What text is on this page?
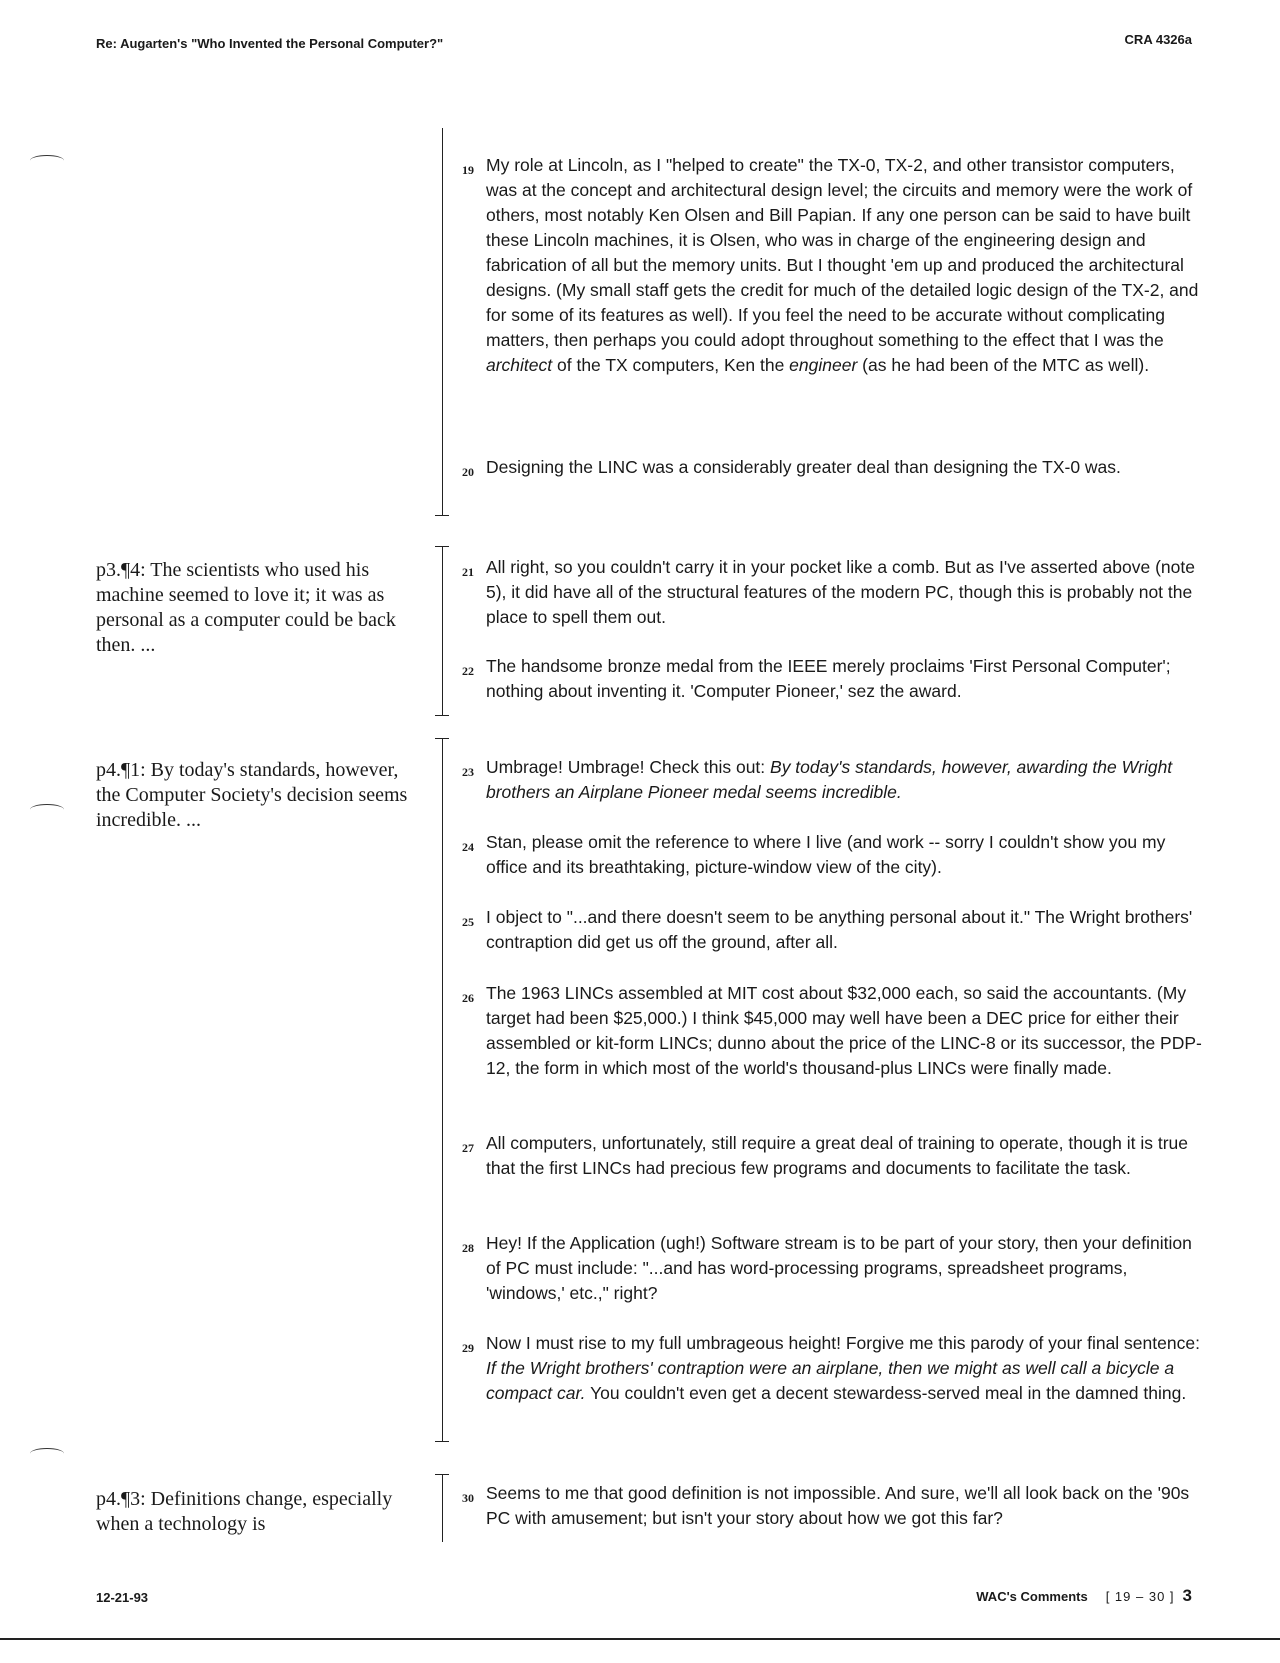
Re: Augarten's "Who Invented the Personal Computer?"	CRA 4326a
p3.¶4: The scientists who used his machine seemed to love it; it was as personal as a computer could be back then. ...
p4.¶1: By today's standards, however, the Computer Society's decision seems incredible. ...
p4.¶3: Definitions change, especially when a technology is
19 My role at Lincoln, as I "helped to create" the TX-0, TX-2, and other transistor computers, was at the concept and architectural design level; the circuits and memory were the work of others, most notably Ken Olsen and Bill Papian. If any one person can be said to have built these Lincoln machines, it is Olsen, who was in charge of the engineering design and fabrication of all but the memory units. But I thought 'em up and produced the architectural designs. (My small staff gets the credit for much of the detailed logic design of the TX-2, and for some of its features as well). If you feel the need to be accurate without complicating matters, then perhaps you could adopt throughout something to the effect that I was the architect of the TX computers, Ken the engineer (as he had been of the MTC as well).
20 Designing the LINC was a considerably greater deal than designing the TX-0 was.
21 All right, so you couldn't carry it in your pocket like a comb. But as I've asserted above (note 5), it did have all of the structural features of the modern PC, though this is probably not the place to spell them out.
22 The handsome bronze medal from the IEEE merely proclaims 'First Personal Computer'; nothing about inventing it. 'Computer Pioneer,' sez the award.
23 Umbrage! Umbrage! Check this out: By today's standards, however, awarding the Wright brothers an Airplane Pioneer medal seems incredible.
24 Stan, please omit the reference to where I live (and work -- sorry I couldn't show you my office and its breathtaking, picture-window view of the city).
25 I object to "...and there doesn't seem to be anything personal about it." The Wright brothers' contraption did get us off the ground, after all.
26 The 1963 LINCs assembled at MIT cost about $32,000 each, so said the accountants. (My target had been $25,000.) I think $45,000 may well have been a DEC price for either their assembled or kit-form LINCs; dunno about the price of the LINC-8 or its successor, the PDP-12, the form in which most of the world's thousand-plus LINCs were finally made.
27 All computers, unfortunately, still require a great deal of training to operate, though it is true that the first LINCs had precious few programs and documents to facilitate the task.
28 Hey! If the Application (ugh!) Software stream is to be part of your story, then your definition of PC must include: "...and has word-processing programs, spreadsheet programs, 'windows,' etc.," right?
29 Now I must rise to my full umbrageous height! Forgive me this parody of your final sentence: If the Wright brothers' contraption were an airplane, then we might as well call a bicycle a compact car. You couldn't even get a decent stewardess-served meal in the damned thing.
30 Seems to me that good definition is not impossible. And sure, we'll all look back on the '90s PC with amusement; but isn't your story about how we got this far?
12-21-93	WAC's Comments [ 19 – 30 ] 3
